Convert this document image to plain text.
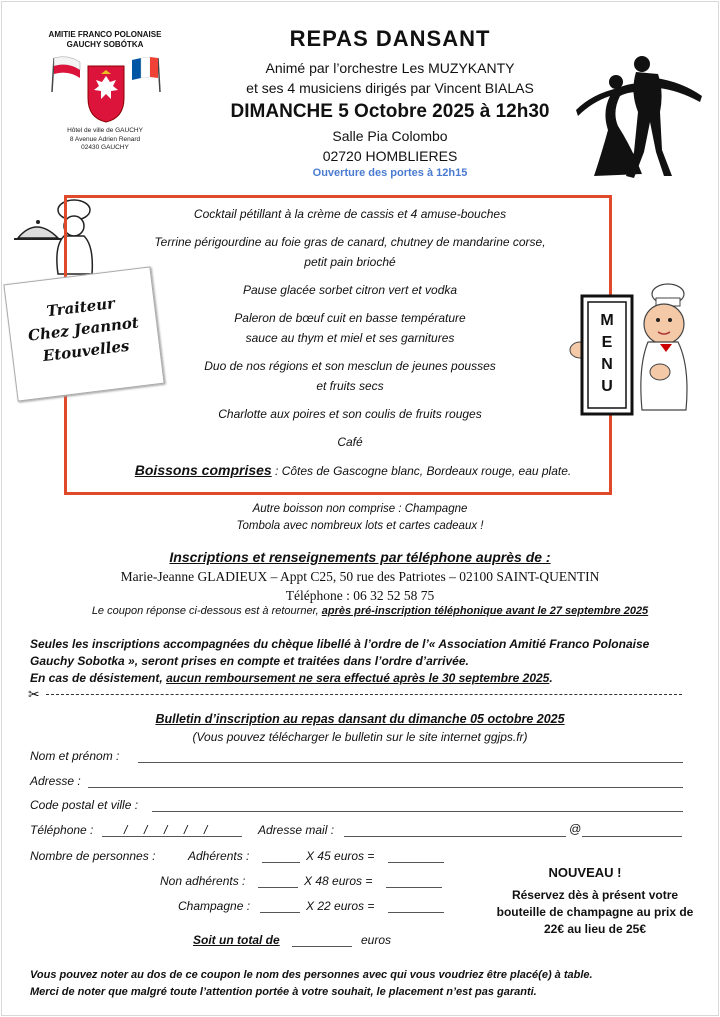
AMITIE FRANCO POLONAISE
GAUCHY SOBÓTKA
Hôtel de ville de GAUCHY
8 Avenue Adrien Renard
02430 GAUCHY
REPAS DANSANT
Animé par l’orchestre Les MUZYKANTY
et ses 4 musiciens dirigés par Vincent BIALAS
DIMANCHE 5 Octobre 2025 à 12h30
Salle Pia Colombo
02720 HOMBLIERES
Ouverture des portes à 12h15
Cocktail pétillant à la crème de cassis et 4 amuse-bouches
Terrine périgourdine au foie gras de canard, chutney de mandarine corse,
petit pain brioché
Pause glacée sorbet citron vert et vodka
Paleron de bœuf cuit en basse température
sauce au thym et miel et ses garnitures
Duo de nos régions et son mesclun de jeunes pousses
et fruits secs
Charlotte aux poires et son coulis de fruits rouges
Café
Boissons comprises : Côtes de Gascogne blanc, Bordeaux rouge, eau plate.
Traiteur
Chez Jeannot
Etouvelles
M
E
N
U
Autre boisson non comprise : Champagne
Tombola avec nombreux lots et cartes cadeaux !
Inscriptions et renseignements par téléphone auprès de :
Marie-Jeanne GLADIEUX – Appt C25, 50 rue des Patriotes – 02100 SAINT-QUENTIN
Téléphone : 06 32 52 58 75
Le coupon réponse ci-dessous est à retourner, après pré-inscription téléphonique avant le 27 septembre 2025
Seules les inscriptions accompagnées du chèque libellé à l’ordre de l’« Association Amitié Franco Polonaise
Gauchy Sobotka », seront prises en compte et traitées dans l’ordre d’arrivée.
En cas de désistement, aucun remboursement ne sera effectué après le 30 septembre 2025.
✂
Bulletin d’inscription au repas dansant du dimanche 05 octobre 2025
(Vous pouvez télécharger le bulletin sur le site internet ggjps.fr)
Nom et prénom :
Adresse :
Code postal et ville :
Téléphone :	/     /     /     /     /	Adresse mail :	@
Nombre de personnes :	Adhérents :	X 45 euros =
Non adhérents :	X 48 euros =
Champagne :	X 22 euros =
Soit un total de	euros
NOUVEAU !
Réservez dès à présent votre
bouteille de champagne au prix de
22€ au lieu de 25€
Vous pouvez noter au dos de ce coupon le nom des personnes avec qui vous voudriez être placé(e) à table.
Merci de noter que malgré toute l’attention portée à votre souhait, le placement n’est pas garanti.
